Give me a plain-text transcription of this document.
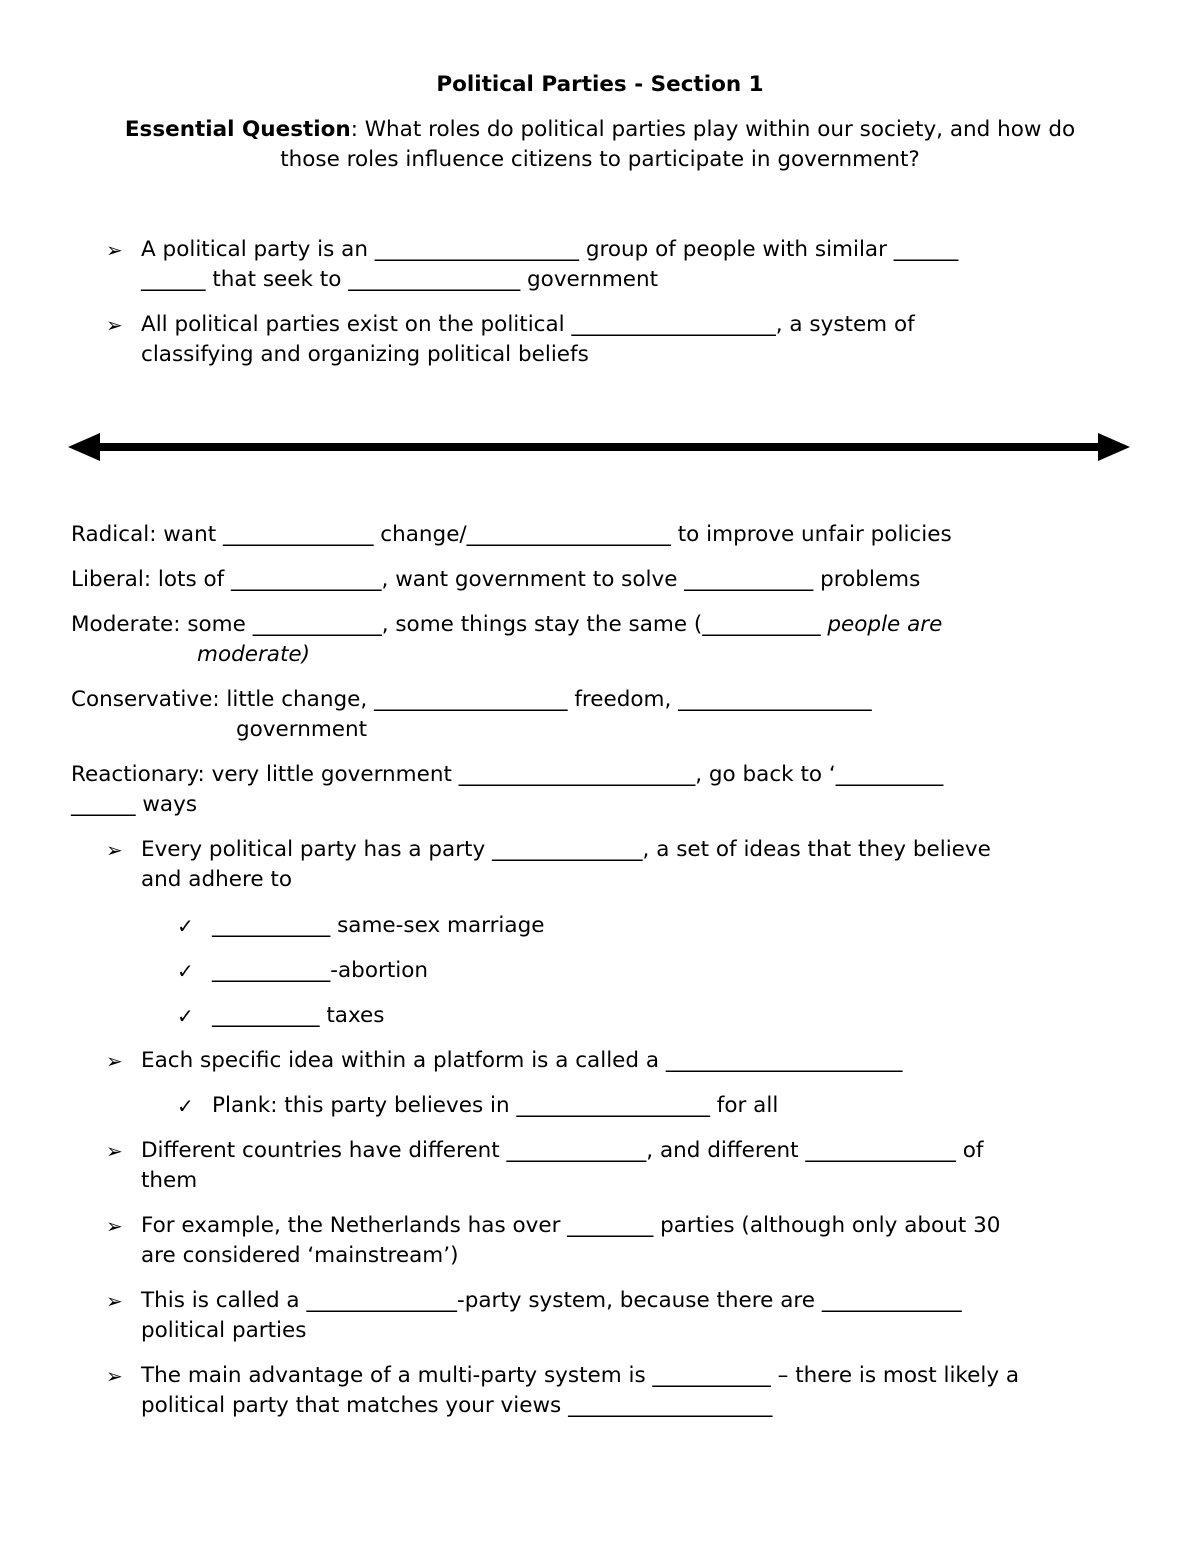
Political Parties - Section 1
Essential Question: What roles do political parties play within our society, and how do
those roles influence citizens to participate in government?
➢ A political party is an ___________________ group of people with similar ______
______ that seek to ________________ government
➢ All political parties exist on the political ___________________, a system of
classifying and organizing political beliefs
Radical: want ______________ change/___________________ to improve unfair policies
Liberal: lots of ______________, want government to solve ____________ problems
Moderate: some ____________, some things stay the same (___________ people are
moderate)
Conservative: little change, __________________ freedom, __________________
government
Reactionary: very little government ______________________, go back to ‘__________
______ ways
➢ Every political party has a party ______________, a set of ideas that they believe
and adhere to
✓ ___________ same-sex marriage
✓ ___________-abortion
✓ __________ taxes
➢ Each specific idea within a platform is a called a ______________________
✓ Plank: this party believes in __________________ for all
➢ Different countries have different _____________, and different ______________ of
them
➢ For example, the Netherlands has over ________ parties (although only about 30
are considered ‘mainstream’)
➢ This is called a ______________-party system, because there are _____________
political parties
➢ The main advantage of a multi-party system is ___________ – there is most likely a
political party that matches your views ___________________
